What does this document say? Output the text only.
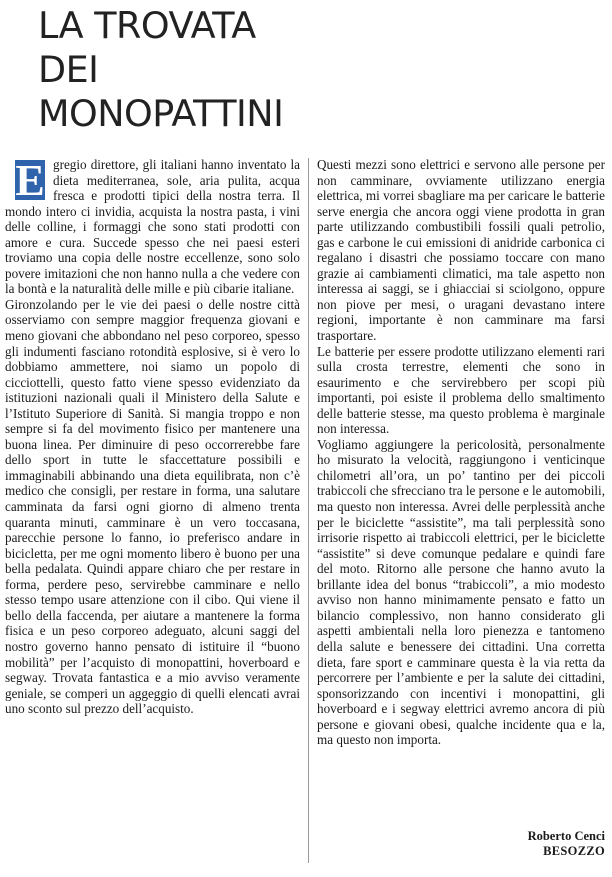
LA TROVATA
DEI
MONOPATTINI
E gregio direttore, gli italiani hanno inventato la dieta mediterranea, sole, aria pulita, acqua fresca e prodotti tipici della nostra terra. Il mondo intero ci invidia, acquista la nostra pasta, i vini delle colline, i formaggi che sono stati prodotti con amore e cura. Succede spesso che nei paesi esteri troviamo una copia delle nostre eccellenze, sono solo povere imitazioni che non hanno nulla a che vedere con la bontà e la naturalità delle mille e più cibarie italiane.

Gironzolando per le vie dei paesi o delle nostre città osserviamo con sempre maggior frequenza giovani e meno giovani che abbondano nel peso corporeo, spesso gli indumenti fasciano rotondità esplosive, si è vero lo dobbiamo ammettere, noi siamo un popolo di cicciottelli, questo fatto viene spesso evidenziato da istituzioni nazionali quali il Ministero della Salute e l’Istituto Superiore di Sanità. Si mangia troppo e non sempre si fa del movimento fisico per mantenere una buona linea. Per diminuire di peso occorrerebbe fare dello sport in tutte le sfaccettature possibili e immaginabili abbinando una dieta equilibrata, non c’è medico che consigli, per restare in forma, una salutare camminata da farsi ogni giorno di almeno trenta quaranta minuti, camminare è un vero toccasana, parecchie persone lo fanno, io preferisco andare in bicicletta, per me ogni momento libero è buono per una bella pedalata. Quindi appare chiaro che per restare in forma, perdere peso, servirebbe camminare e nello stesso tempo usare attenzione con il cibo. Qui viene il bello della faccenda, per aiutare a mantenere la forma fisica e un peso corporeo adeguato, alcuni saggi del nostro governo hanno pensato di istituire il “buono mobilità” per l’acquisto di monopattini, hoverboard e segway. Trovata fantastica e a mio avviso veramente geniale, se comperi un aggeggio di quelli elencati avrai uno sconto sul prezzo dell’acquisto.

Questi mezzi sono elettrici e servono alle persone per non camminare, ovviamente utilizzano energia elettrica, mi vorrei sbagliare ma per caricare le batterie serve energia che ancora oggi viene prodotta in gran parte utilizzando combustibili fossili quali petrolio, gas e carbone le cui emissioni di anidride carbonica ci regalano i disastri che possiamo toccare con mano grazie ai cambiamenti climatici, ma tale aspetto non interessa ai saggi, se i ghiacciai si sciolgono, oppure non piove per mesi, o uragani devastano intere regioni, importante è non camminare ma farsi trasportare.

Le batterie per essere prodotte utilizzano elementi rari sulla crosta terrestre, elementi che sono in esaurimento e che servirebbero per scopi più importanti, poi esiste il problema dello smaltimento delle batterie stesse, ma questo problema è marginale non interessa.

Vogliamo aggiungere la pericolosità, personalmente ho misurato la velocità, raggiungono i venticinque chilometri all’ora, un po’ tantino per dei piccoli trabiccoli che sfrecciano tra le persone e le automobili, ma questo non interessa. Avrei delle perplessità anche per le biciclette “assistite”, ma tali perplessità sono irrisorie rispetto ai trabiccoli elettrici, per le biciclette “assistite” si deve comunque pedalare e quindi fare del moto. Ritorno alle persone che hanno avuto la brillante idea del bonus “trabiccoli”, a mio modesto avviso non hanno minimamente pensato e fatto un bilancio complessivo, non hanno considerato gli aspetti ambientali nella loro pienezza e tantomeno della salute e benessere dei cittadini. Una corretta dieta, fare sport e camminare questa è la via retta da percorrere per l’ambiente e per la salute dei cittadini, sponsorizzando con incentivi i monopattini, gli hoverboard e i segway elettrici avremo ancora di più persone e giovani obesi, qualche incidente qua e la, ma questo non importa.

Roberto Cenci
BESOZZO
